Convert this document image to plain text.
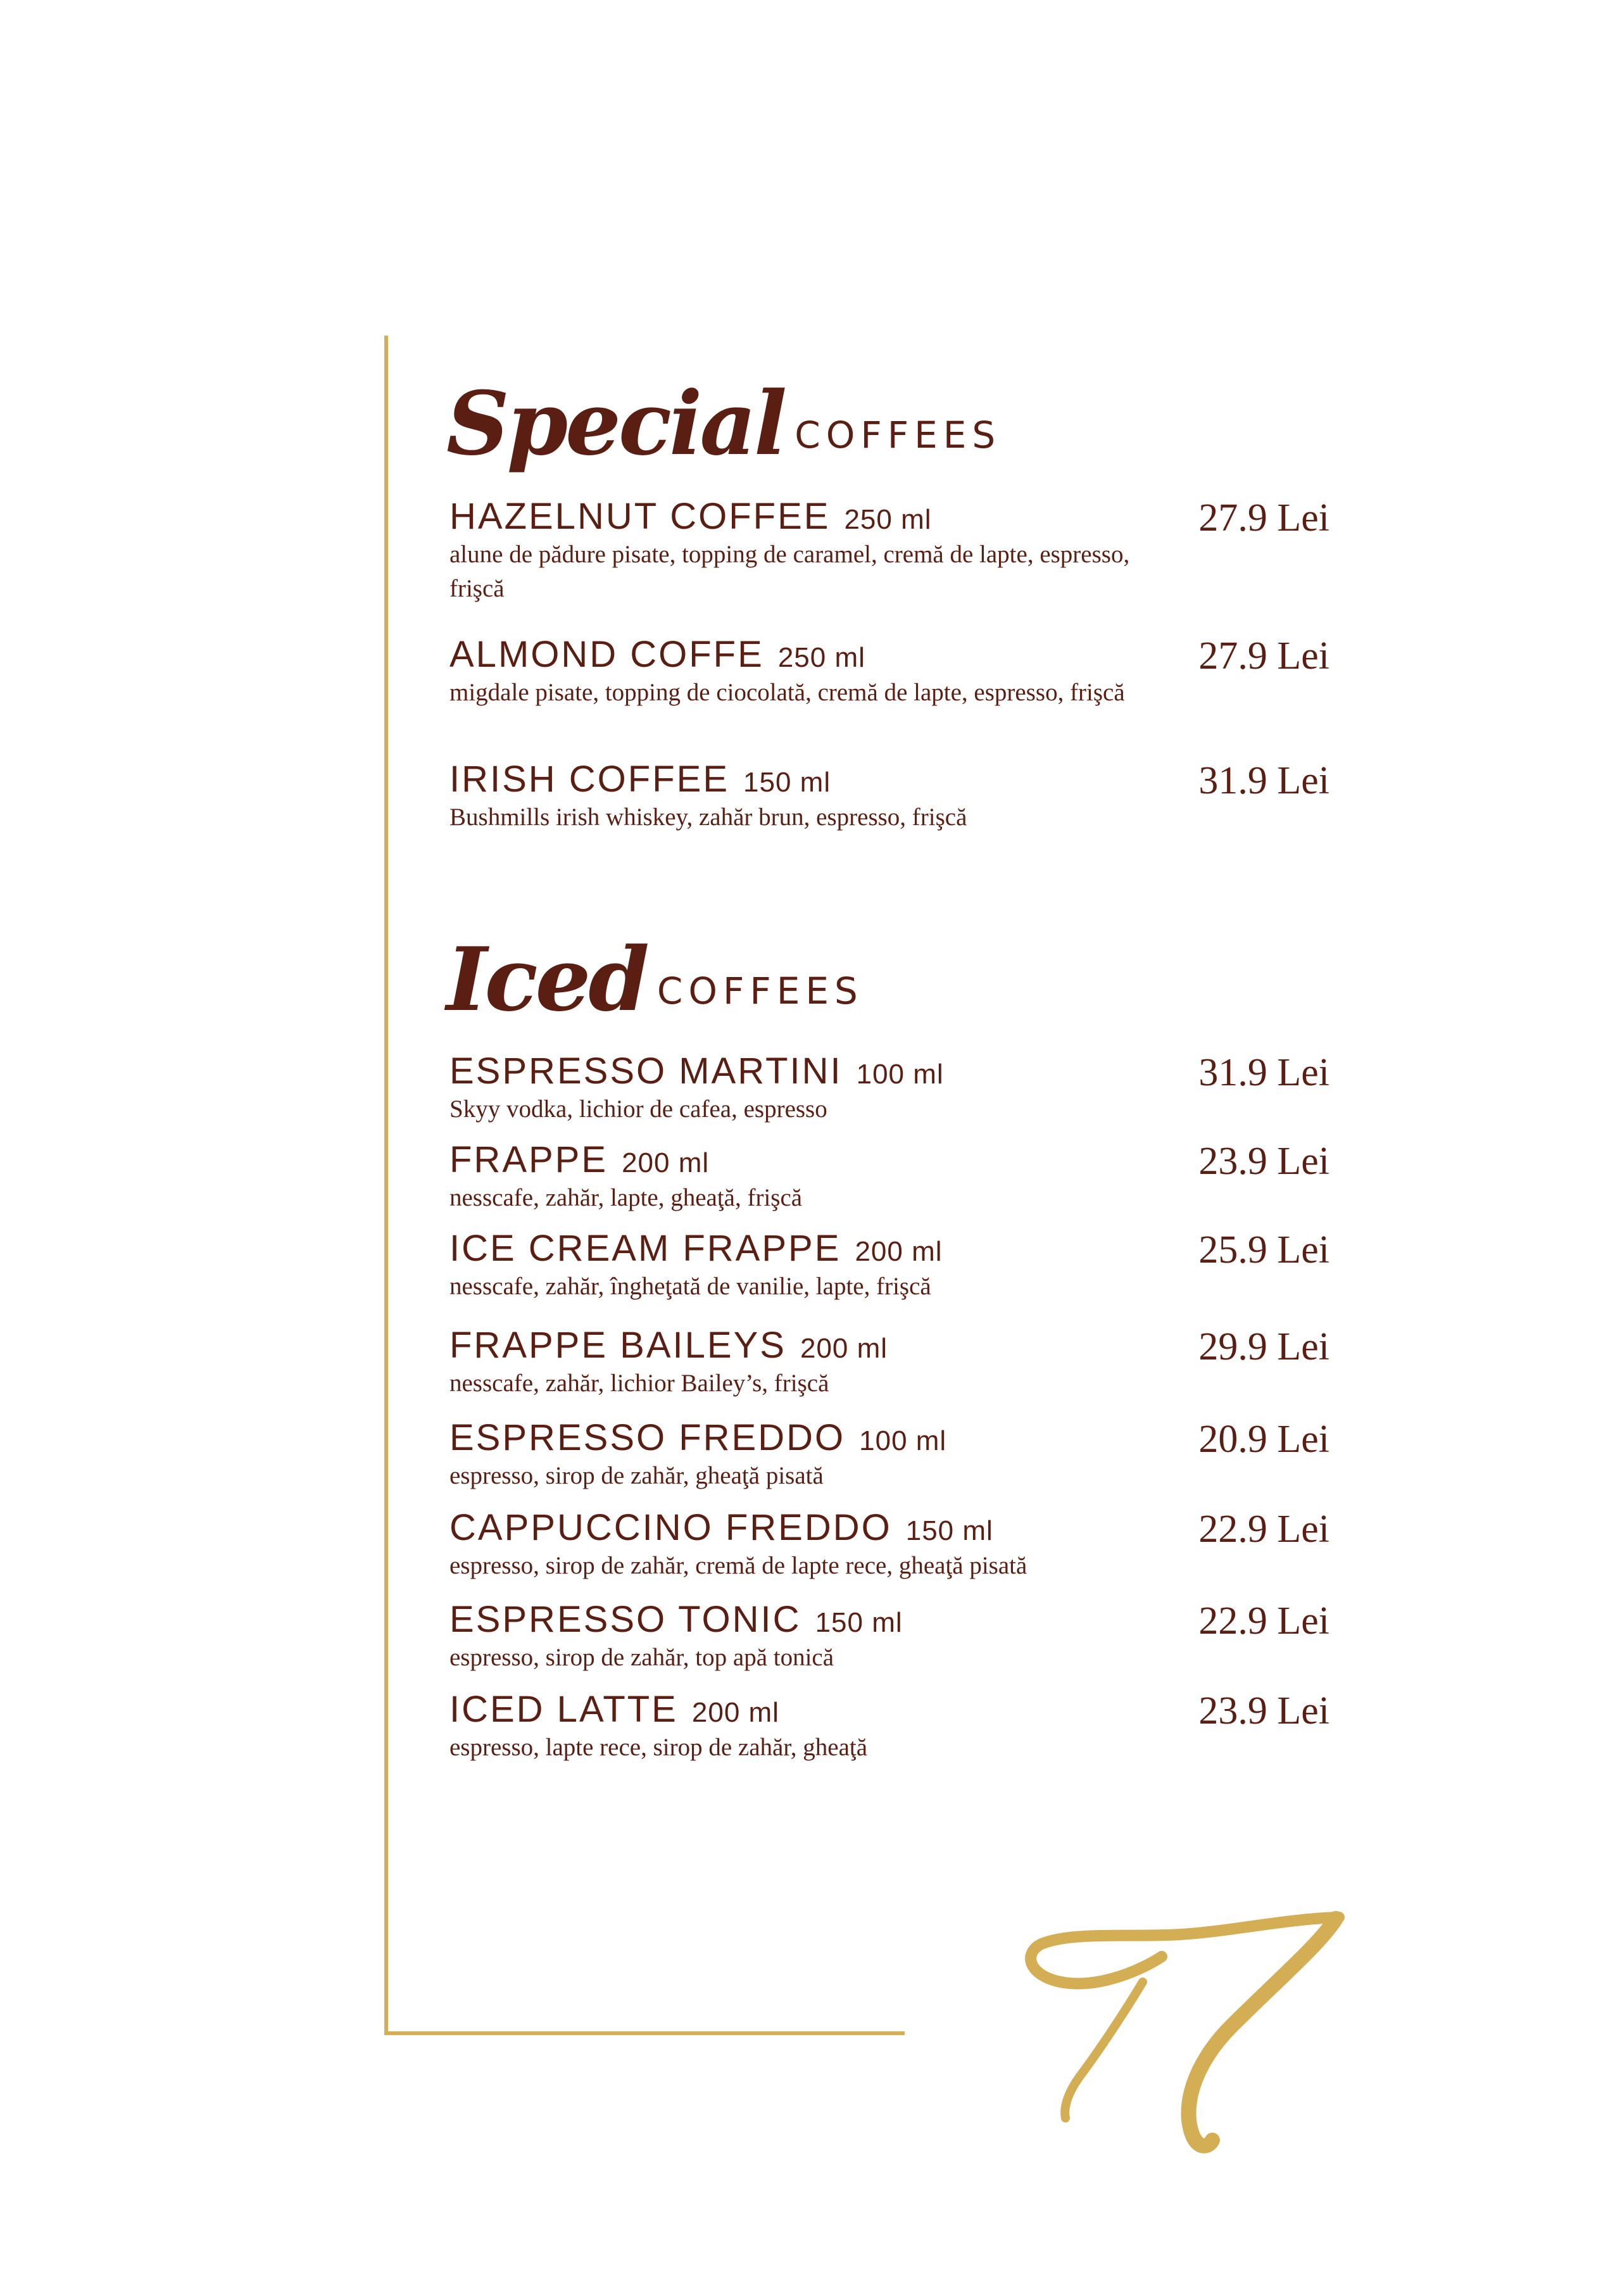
Special COFFEES
HAZELNUT COFFEE 250 ml	27.9 Lei
alune de pădure pisate, topping de caramel, cremă de lapte, espresso, frişcă
ALMOND COFFE 250 ml	27.9 Lei
migdale pisate, topping de ciocolată, cremă de lapte, espresso, frişcă
IRISH COFFEE 150 ml	31.9 Lei
Bushmills irish whiskey, zahăr brun, espresso, frişcă
Iced COFFEES
ESPRESSO MARTINI 100 ml	31.9 Lei
Skyy vodka, lichior de cafea, espresso
FRAPPE 200 ml	23.9 Lei
nesscafe, zahăr, lapte, gheaţă, frişcă
ICE CREAM FRAPPE 200 ml	25.9 Lei
nesscafe, zahăr, îngheţată de vanilie, lapte, frişcă
FRAPPE BAILEYS 200 ml	29.9 Lei
nesscafe, zahăr, lichior Bailey’s, frişcă
ESPRESSO FREDDO 100 ml	20.9 Lei
espresso, sirop de zahăr, gheaţă pisată
CAPPUCCINO FREDDO 150 ml	22.9 Lei
espresso, sirop de zahăr, cremă de lapte rece, gheaţă pisată
ESPRESSO TONIC 150 ml	22.9 Lei
espresso, sirop de zahăr, top apă tonică
ICED LATTE 200 ml	23.9 Lei
espresso, lapte rece, sirop de zahăr, gheaţă
